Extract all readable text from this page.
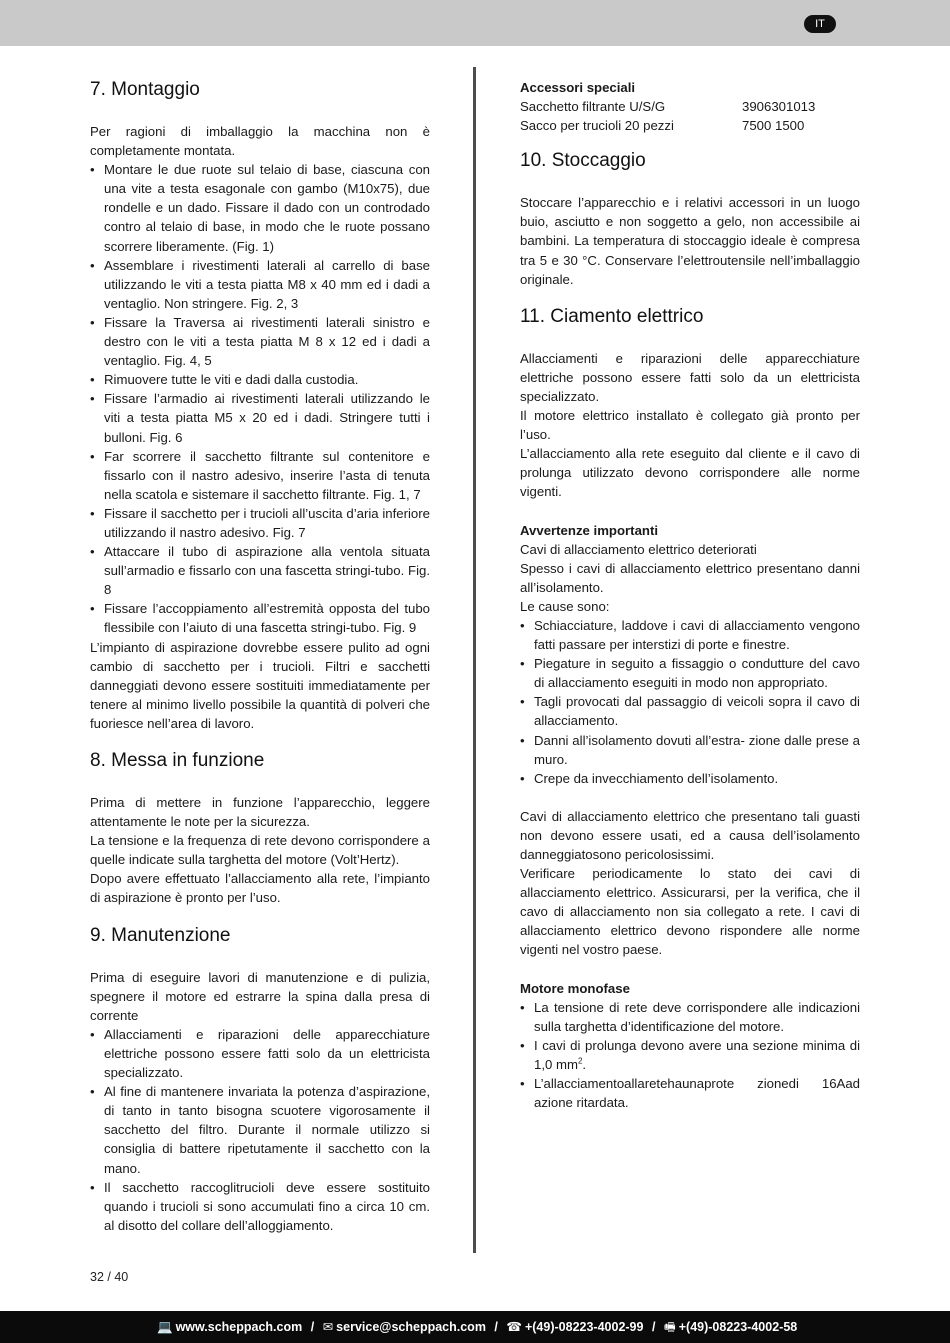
IT
7. Montaggio

Per ragioni di imballaggio la macchina non è completamente montata.

• Montare le due ruote sul telaio di base, ciascuna con una vite a testa esagonale con gambo (M10x75), due rondelle e un dado. Fissare il dado con un controdado contro al telaio di base, in modo che le ruote possano scorrere liberamente. (Fig. 1)
• Assemblare i rivestimenti laterali al carrello di base utilizzando le viti a testa piatta M8 x 40 mm ed i dadi a ventaglio. Non stringere. Fig. 2, 3
• Fissare la Traversa ai rivestimenti laterali sinistro e destro con le viti a testa piatta M 8 x 12 ed i dadi a ventaglio. Fig. 4, 5
• Rimuovere tutte le viti e dadi dalla custodia.
• Fissare l’armadio ai rivestimenti laterali utilizzando le viti a testa piatta M5 x 20 ed i dadi. Stringere tutti i bulloni. Fig. 6
• Far scorrere il sacchetto filtrante sul contenitore e fissarlo con il nastro adesivo, inserire l’asta di tenuta nella scatola e sistemare il sacchetto filtrante. Fig. 1, 7
• Fissare il sacchetto per i trucioli all’uscita d’aria inferiore utilizzando il nastro adesivo. Fig. 7
• Attaccare il tubo di aspirazione alla ventola situata sull’armadio e fissarlo con una fascetta stringi-tubo. Fig. 8
• Fissare l’accoppiamento all’estremità opposta del tubo flessibile con l’aiuto di una fascetta stringi-tubo. Fig. 9

L’impianto di aspirazione dovrebbe essere pulito ad ogni cambio di sacchetto per i trucioli. Filtri e sacchetti danneggiati devono essere sostituiti immediatamente per tenere al minimo livello possibile la quantità di polveri che fuoriesce nell’area di lavoro.

8. Messa in funzione

Prima di mettere in funzione l’apparecchio, leggere attentamente le note per la sicurezza.

La tensione e la frequenza di rete devono corrispondere a quelle indicate sulla targhetta del motore (Volt’Hertz).

Dopo avere effettuato l’allacciamento alla rete, l’impianto di aspirazione è pronto per l’uso.

9. Manutenzione

Prima di eseguire lavori di manutenzione e di pulizia, spegnere il motore ed estrarre la spina dalla presa di corrente

• Allacciamenti e riparazioni delle apparecchiature elettriche possono essere fatti solo da un elettricista specializzato.
• Al fine di mantenere invariata la potenza d’aspirazione, di tanto in tanto bisogna scuotere vigorosamente il sacchetto del filtro. Durante il normale utilizzo si consiglia di battere ripetutamente il sacchetto con la mano.
• Il sacchetto raccoglitrucioli deve essere sostituito quando i trucioli si sono accumulati fino a circa 10 cm. al disotto del collare dell’alloggiamento.

Accessori speciali

Sacchetto filtrante U/S/G	3906301013
Sacco per trucioli 20 pezzi	7500 1500
10. Stoccaggio

Stoccare l’apparecchio e i relativi accessori in un luogo buio, asciutto e non soggetto a gelo, non accessibile ai bambini. La temperatura di stoccaggio ideale è compresa tra 5 e 30 °C. Conservare l’elettroutensile nell’imballaggio originale.

11. Ciamento elettrico

Allacciamenti e riparazioni delle apparecchiature elettriche possono essere fatti solo da un elettricista specializzato.

Il motore elettrico installato è collegato già pronto per l’uso.

L’allacciamento alla rete eseguito dal cliente e il cavo di prolunga utilizzato devono corrispondere alle norme vigenti.

Avvertenze importanti

Cavi di allacciamento elettrico deteriorati

Spesso i cavi di allacciamento elettrico presentano danni all’isolamento.

Le cause sono:

• Schiacciature, laddove i cavi di allacciamento vengono fatti passare per interstizi di porte e finestre.
• Piegature in seguito a fissaggio o condutture del cavo di allacciamento eseguiti in modo non appropriato.
• Tagli provocati dal passaggio di veicoli sopra il cavo di allacciamento.
• Danni all’isolamento dovuti all’estra- zione dalle prese a muro.
• Crepe da invecchiamento dell’isolamento.

Cavi di allacciamento elettrico che presentano tali guasti non devono essere usati, ed a causa dell’isolamento danneggiatosono pericolosissimi.

Verificare periodicamente lo stato dei cavi di allacciamento elettrico. Assicurarsi, per la verifica, che il cavo di allacciamento non sia collegato a rete. I cavi di allacciamento elettrico devono rispondere alle norme vigenti nel vostro paese.

Motore monofase

• La tensione di rete deve corrispondere alle indicazioni sulla targhetta d’identificazione del motore.
• I cavi di prolunga devono avere una sezione minima di 1,0 $mm^2$.
• L’allacciamentoallaretehaunaprote zionedi 16Aad azione ritardata.
32 / 40
💻 www.scheppach.com / ✉ service@scheppach.com / ☎ +(49)-08223-4002-99 / 🖷 +(49)-08223-4002-58
